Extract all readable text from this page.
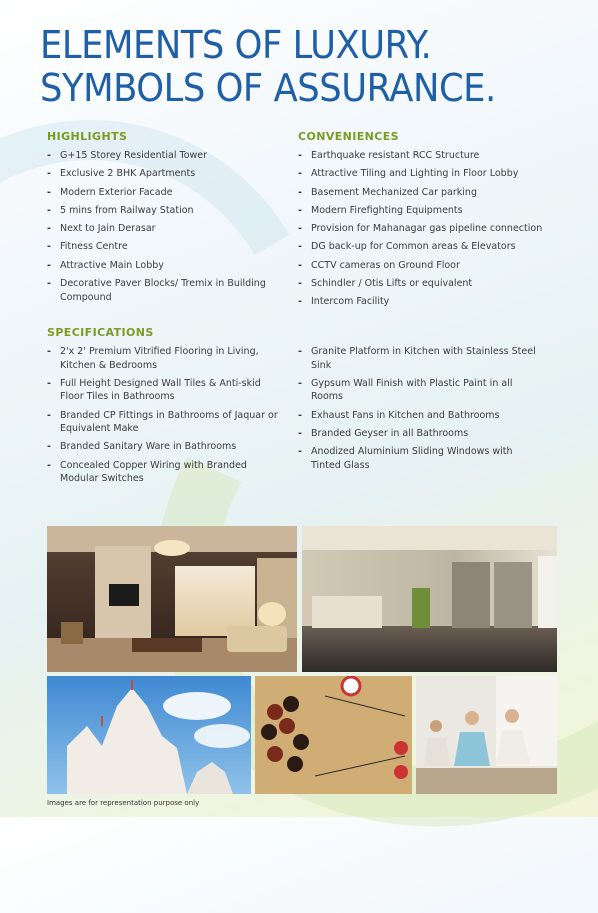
ELEMENTS OF LUXURY.
SYMBOLS OF ASSURANCE.
HIGHLIGHTS
- G+15 Storey Residential Tower
- Exclusive 2 BHK Apartments
- Modern Exterior Facade
- 5 mins from Railway Station
- Next to Jain Derasar
- Fitness Centre
- Attractive Main Lobby
- Decorative Paver Blocks/ Tremix in Building Compound
CONVENIENCES
- Earthquake resistant RCC Structure
- Attractive Tiling and Lighting in Floor Lobby
- Basement Mechanized Car parking
- Modern Firefighting Equipments
- Provision for Mahanagar gas pipeline connection
- DG back-up for Common areas & Elevators
- CCTV cameras on Ground Floor
- Schindler / Otis Lifts or equivalent
- Intercom Facility
SPECIFICATIONS
- 2'x 2' Premium Vitrified Flooring in Living, Kitchen & Bedrooms
- Full Height Designed Wall Tiles & Anti-skid Floor Tiles in Bathrooms
- Branded CP Fittings in Bathrooms of Jaquar or Equivalent Make
- Branded Sanitary Ware in Bathrooms
- Concealed Copper Wiring with Branded Modular Switches
- Granite Platform in Kitchen with Stainless Steel Sink
- Gypsum Wall Finish with Plastic Paint in all Rooms
- Exhaust Fans in Kitchen and Bathrooms
- Branded Geyser in all Bathrooms
- Anodized Aluminium Sliding Windows with Tinted Glass
Images are for representation purpose only
